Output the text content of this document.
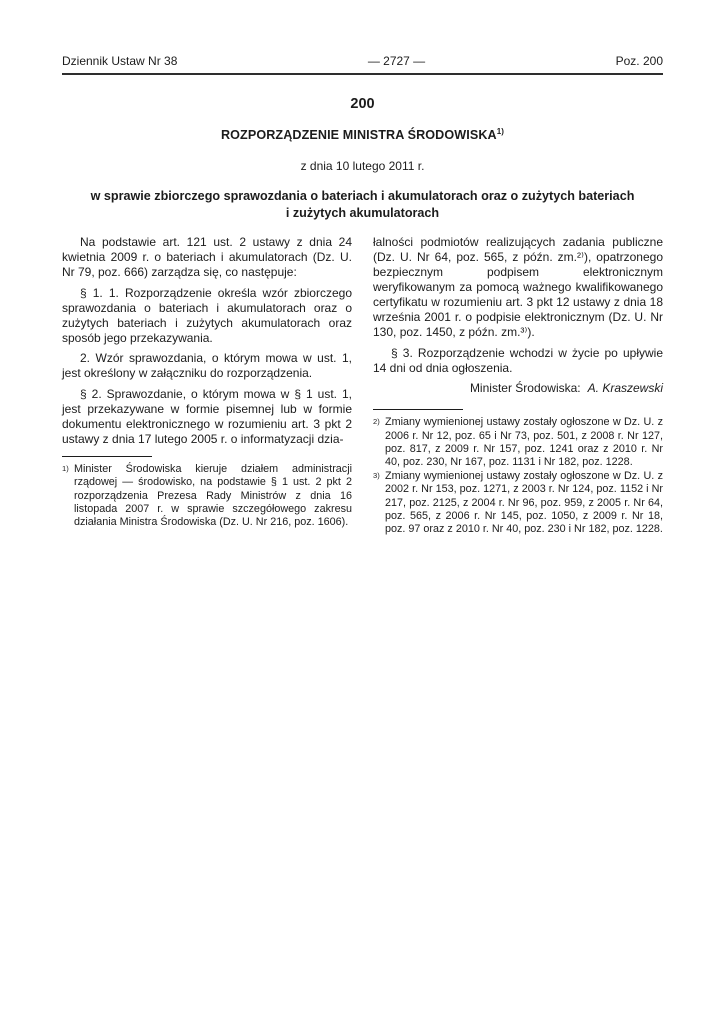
Dziennik Ustaw Nr 38	— 2727 —	Poz. 200
200
ROZPORZĄDZENIE MINISTRA ŚRODOWISKA$^{1)}$
z dnia 10 lutego 2011 r.
w sprawie zbiorczego sprawozdania o bateriach i akumulatorach oraz o zużytych bateriach
i zużytych akumulatorach

Na podstawie art. 121 ust. 2 ustawy z dnia 24 kwietnia 2009 r. o bateriach i akumulatorach (Dz. U. Nr 79, poz. 666) zarządza się, co następuje:

§ 1. 1. Rozporządzenie określa wzór zbiorczego sprawozdania o bateriach i akumulatorach oraz o zużytych bateriach i zużytych akumulatorach oraz sposób jego przekazywania.

2. Wzór sprawozdania, o którym mowa w ust. 1, jest określony w załączniku do rozporządzenia.

§ 2. Sprawozdanie, o którym mowa w § 1 ust. 1, jest przekazywane w formie pisemnej lub w formie dokumentu elektronicznego w rozumieniu art. 3 pkt 2 ustawy z dnia 17 lutego 2005 r. o informatyzacji dzia-

1) Minister Środowiska kieruje działem administracji rządowej — środowisko, na podstawie § 1 ust. 2 pkt 2 rozporządzenia Prezesa Rady Ministrów z dnia 16 listopada 2007 r. w sprawie szczegółowego zakresu działania Ministra Środowiska (Dz. U. Nr 216, poz. 1606).

łalności podmiotów realizujących zadania publiczne (Dz. U. Nr 64, poz. 565, z późn. zm.²⁾), opatrzonego bezpiecznym podpisem elektronicznym weryfikowanym za pomocą ważnego kwalifikowanego certyfikatu w rozumieniu art. 3 pkt 12 ustawy z dnia 18 września 2001 r. o podpisie elektronicznym (Dz. U. Nr 130, poz. 1450, z późn. zm.³⁾).

§ 3. Rozporządzenie wchodzi w życie po upływie 14 dni od dnia ogłoszenia.

Minister Środowiska: A. Kraszewski

2) Zmiany wymienionej ustawy zostały ogłoszone w Dz. U. z 2006 r. Nr 12, poz. 65 i Nr 73, poz. 501, z 2008 r. Nr 127, poz. 817, z 2009 r. Nr 157, poz. 1241 oraz z 2010 r. Nr 40, poz. 230, Nr 167, poz. 1131 i Nr 182, poz. 1228.

3) Zmiany wymienionej ustawy zostały ogłoszone w Dz. U. z 2002 r. Nr 153, poz. 1271, z 2003 r. Nr 124, poz. 1152 i Nr 217, poz. 2125, z 2004 r. Nr 96, poz. 959, z 2005 r. Nr 64, poz. 565, z 2006 r. Nr 145, poz. 1050, z 2009 r. Nr 18, poz. 97 oraz z 2010 r. Nr 40, poz. 230 i Nr 182, poz. 1228.
